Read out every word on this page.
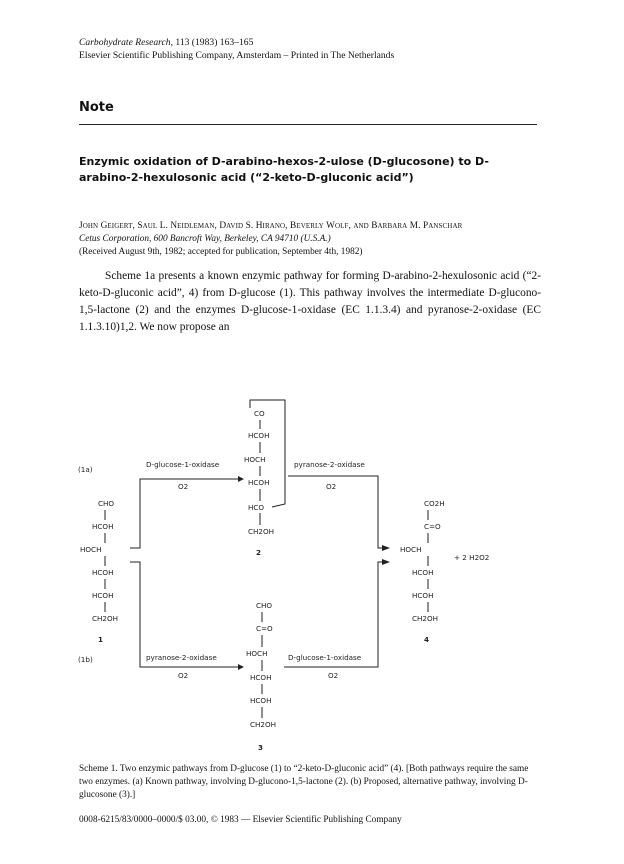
Carbohydrate Research, 113 (1983) 163–165
Elsevier Scientific Publishing Company, Amsterdam – Printed in The Netherlands
Note
Enzymic oxidation of D-arabino-hexos-2-ulose (D-glucosone) to D-arabino-2-hexulosonic acid (“2-keto-D-gluconic acid”)
John Geigert, Saul L. Neidleman, David S. Hirano, Beverly Wolf, and Barbara M. Panschar
Cetus Corporation, 600 Bancroft Way, Berkeley, CA 94710 (U.S.A.)
(Received August 9th, 1982; accepted for publication, September 4th, 1982)

Scheme 1a presents a known enzymic pathway for forming D-arabino-2-hexulosonic acid (“2-keto-D-gluconic acid”, 4) from D-glucose (1). This pathway involves the intermediate D-glucono-1,5-lactone (2) and the enzymes D-glucose-1-oxidase (EC 1.1.3.4) and pyranose-2-oxidase (EC 1.1.3.10)1,2. We now propose an

(1a)
(1b)
CHO
HCOH
HOCH
HCOH
HCOH
CH2OH
1
D-glucose-1-oxidase
O2
CO
HCOH
HOCH
HCOH
HCO
CH2OH
2
pyranose-2-oxidase
O2
pyranose-2-oxidase
O2
CHO
C=O
HOCH
HCOH
HCOH
CH2OH
3
D-glucose-1-oxidase
O2
CO2H
C=O
HOCH
HCOH
HCOH
CH2OH
4
+ 2 H2O2
Scheme 1. Two enzymic pathways from D-glucose (1) to “2-keto-D-gluconic acid” (4). [Both pathways require the same two enzymes. (a) Known pathway, involving D-glucono-1,5-lactone (2). (b) Proposed, alternative pathway, involving D-glucosone (3).]
0008-6215/83/0000–0000/$ 03.00, © 1983 — Elsevier Scientific Publishing Company
